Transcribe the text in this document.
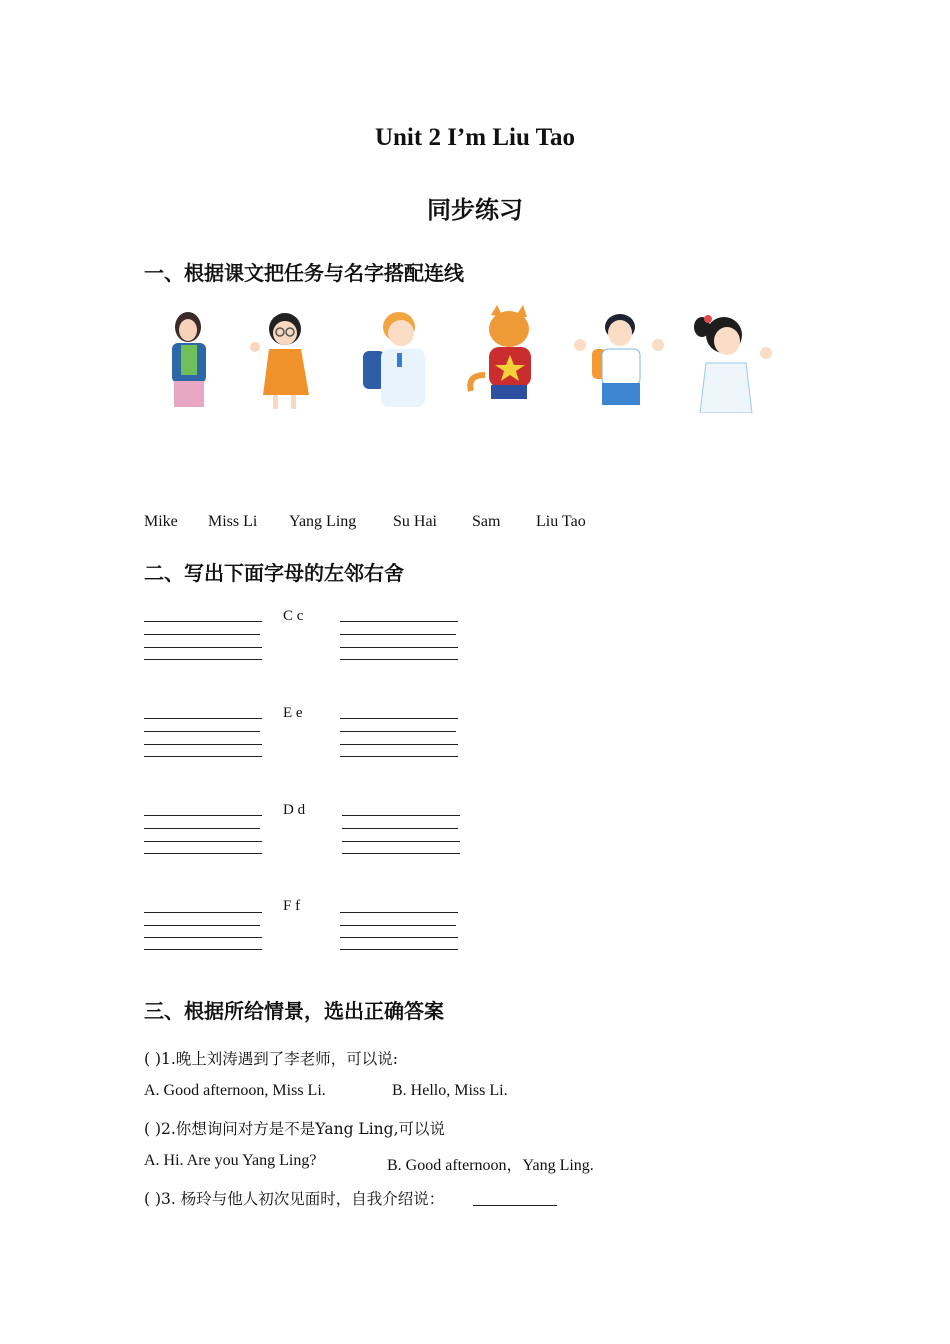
Unit 2 I’m Liu Tao
同步练习
一、根据课文把任务与名字搭配连线
Mike Miss Li Yang Ling Su Hai Sam Liu Tao
二、写出下面字母的左邻右舍
C c
E e
D d
F f
三、根据所给情景，选出正确答案
( )1.晚上刘涛遇到了李老师，可以说:
A. Good afternoon, Miss Li.	B. Hello, Miss Li.
( )2.你想询问对方是不是Yang Ling,可以说
A. Hi. Are you Yang Ling?	B. Good afternoon，Yang Ling.
( )3. 杨玲与他人初次见面时，自我介绍说：
